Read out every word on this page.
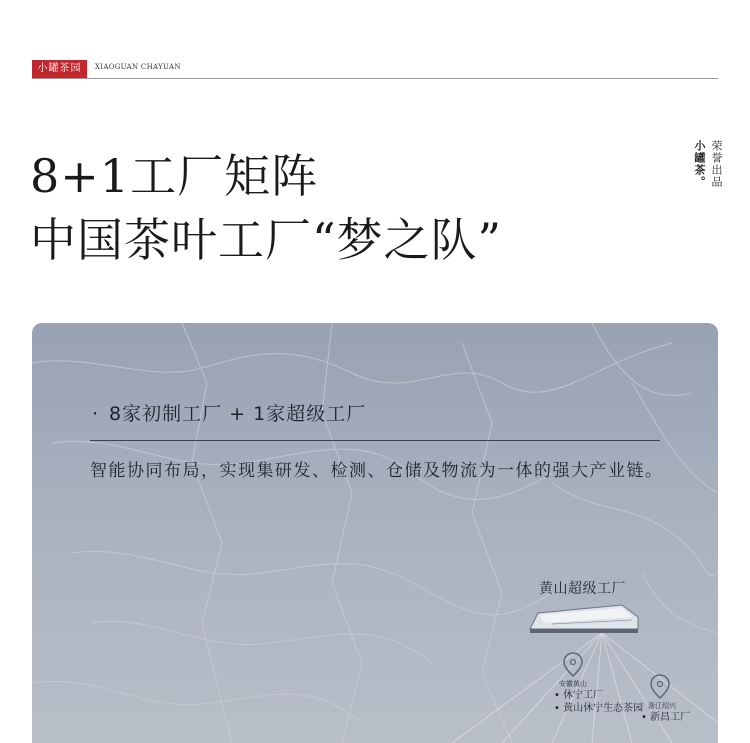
小罐茶园	XIAOGUAN CHAYUAN
8+1工厂矩阵
中国茶叶工厂“梦之队”
荣誉出品
小罐茶。
· 8家初制工厂 + 1家超级工厂
智能协同布局，实现集研发、检测、仓储及物流为一体的强大产业链。
黄山超级工厂
安徽黄山
• 休宁工厂
• 黄山休宁生态茶园 浙江绍兴
• 新昌工厂
